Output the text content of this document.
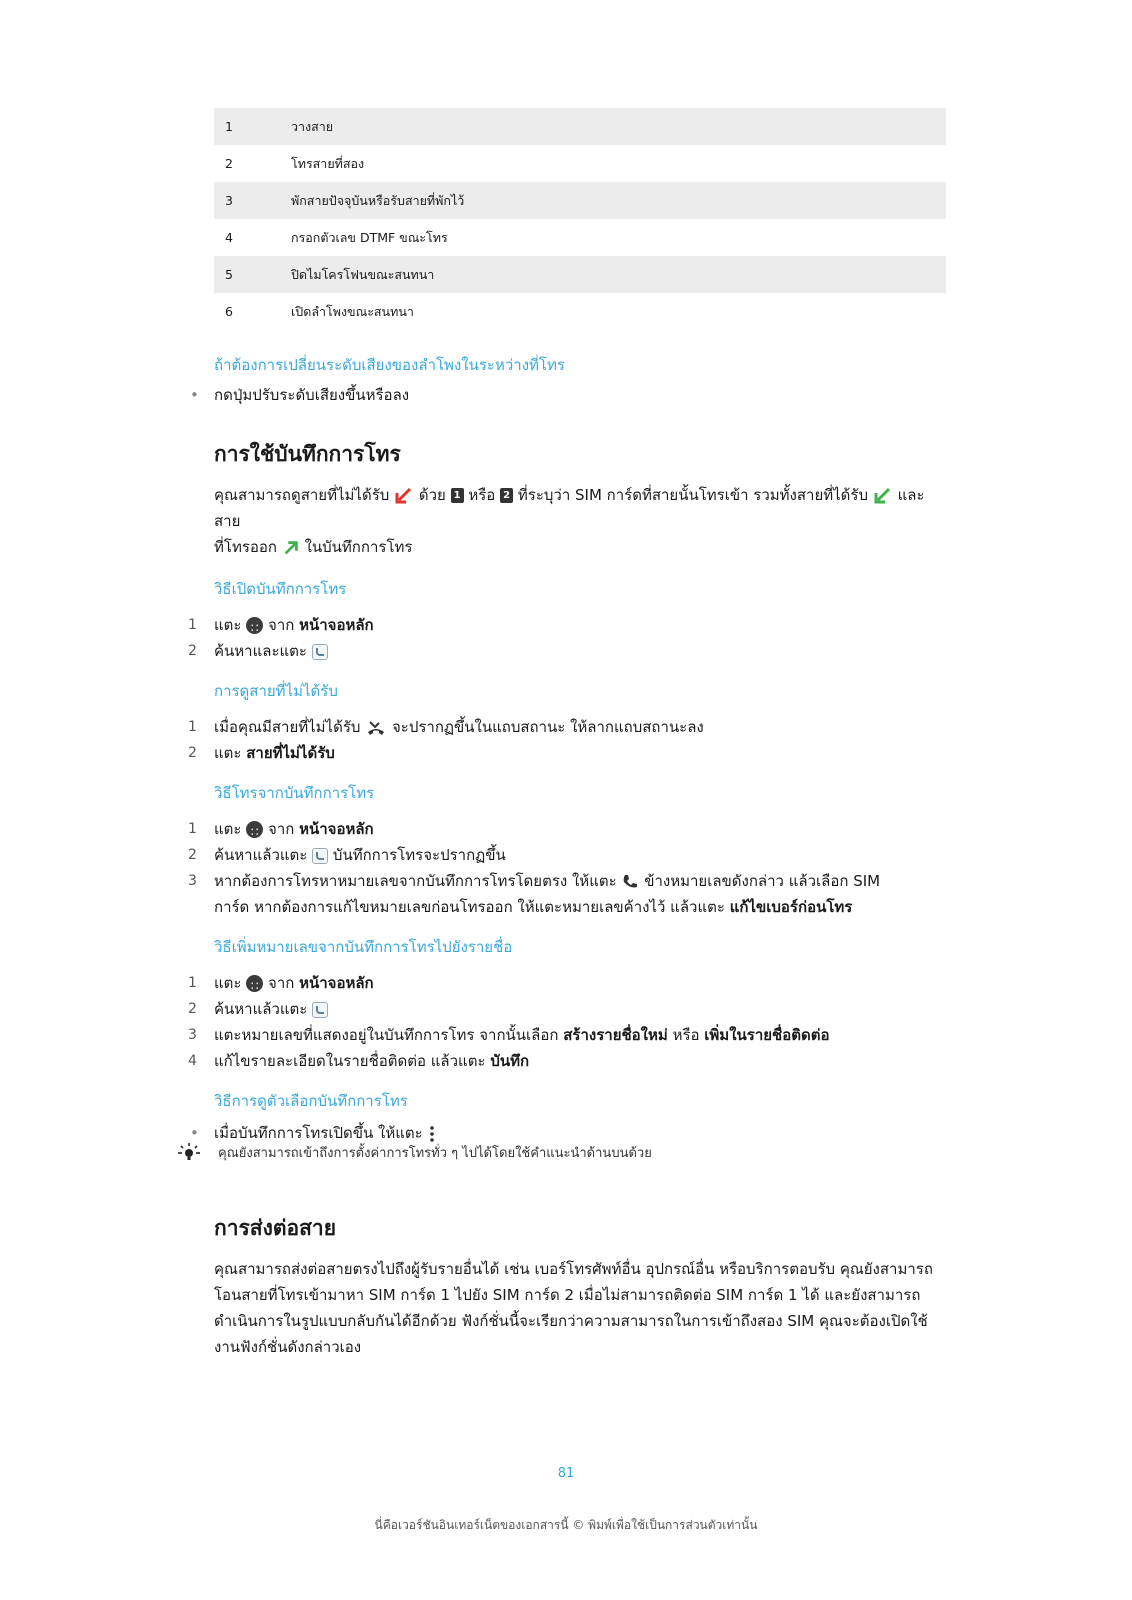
1	วางสาย
2	โทรสายที่สอง
3	พักสายปัจจุบันหรือรับสายที่พักไว้
4	กรอกตัวเลข DTMF ขณะโทร
5	ปิดไมโครโฟนขณะสนทนา
6	เปิดลำโพงขณะสนทนา

ถ้าต้องการเปลี่ยนระดับเสียงของลำโพงในระหว่างที่โทร

• กดปุ่มปรับระดับเสียงขึ้นหรือลง
การใช้บันทึกการโทร

คุณสามารถดูสายที่ไม่ได้รับ ด้วย 1 หรือ 2 ที่ระบุว่า SIM การ์ดที่สายนั้นโทรเข้า รวมทั้งสายที่ได้รับ และสาย
ที่โทรออก ในบันทึกการโทร

วิธีเปิดบันทึกการโทร

1 แตะ ∷ จาก หน้าจอหลัก
2 ค้นหาและแตะ

การดูสายที่ไม่ได้รับ

1 เมื่อคุณมีสายที่ไม่ได้รับ จะปรากฏขึ้นในแถบสถานะ ให้ลากแถบสถานะลง
2 แตะ สายที่ไม่ได้รับ

วิธีโทรจากบันทึกการโทร

1 แตะ ∷ จาก หน้าจอหลัก
2 ค้นหาแล้วแตะ บันทึกการโทรจะปรากฏขึ้น
3 หากต้องการโทรหาหมายเลขจากบันทึกการโทรโดยตรง ให้แตะ ข้างหมายเลขดังกล่าว แล้วเลือก SIM
การ์ด หากต้องการแก้ไขหมายเลขก่อนโทรออก ให้แตะหมายเลขค้างไว้ แล้วแตะ แก้ไขเบอร์ก่อนโทร

วิธีเพิ่มหมายเลขจากบันทึกการโทรไปยังรายชื่อ

1 แตะ ∷ จาก หน้าจอหลัก
2 ค้นหาแล้วแตะ
3 แตะหมายเลขที่แสดงอยู่ในบันทึกการโทร จากนั้นเลือก สร้างรายชื่อใหม่ หรือ เพิ่มในรายชื่อติดต่อ
4 แก้ไขรายละเอียดในรายชื่อติดต่อ แล้วแตะ บันทึก

วิธีการดูตัวเลือกบันทึกการโทร

• เมื่อบันทึกการโทรเปิดขึ้น ให้แตะ
คุณยังสามารถเข้าถึงการตั้งค่าการโทรทั่ว ๆ ไปได้โดยใช้คำแนะนำด้านบนด้วย
การส่งต่อสาย

คุณสามารถส่งต่อสายตรงไปถึงผู้รับรายอื่นได้ เช่น เบอร์โทรศัพท์อื่น อุปกรณ์อื่น หรือบริการตอบรับ คุณยังสามารถ
โอนสายที่โทรเข้ามาหา SIM การ์ด 1 ไปยัง SIM การ์ด 2 เมื่อไม่สามารถติดต่อ SIM การ์ด 1 ได้ และยังสามารถ
ดำเนินการในรูปแบบกลับกันได้อีกด้วย ฟังก์ชั่นนี้จะเรียกว่าความสามารถในการเข้าถึงสอง SIM คุณจะต้องเปิดใช้
งานฟังก์ชั่นดังกล่าวเอง

81
นี่คือเวอร์ชันอินเทอร์เน็ตของเอกสารนี้ © พิมพ์เพื่อใช้เป็นการส่วนตัวเท่านั้น
